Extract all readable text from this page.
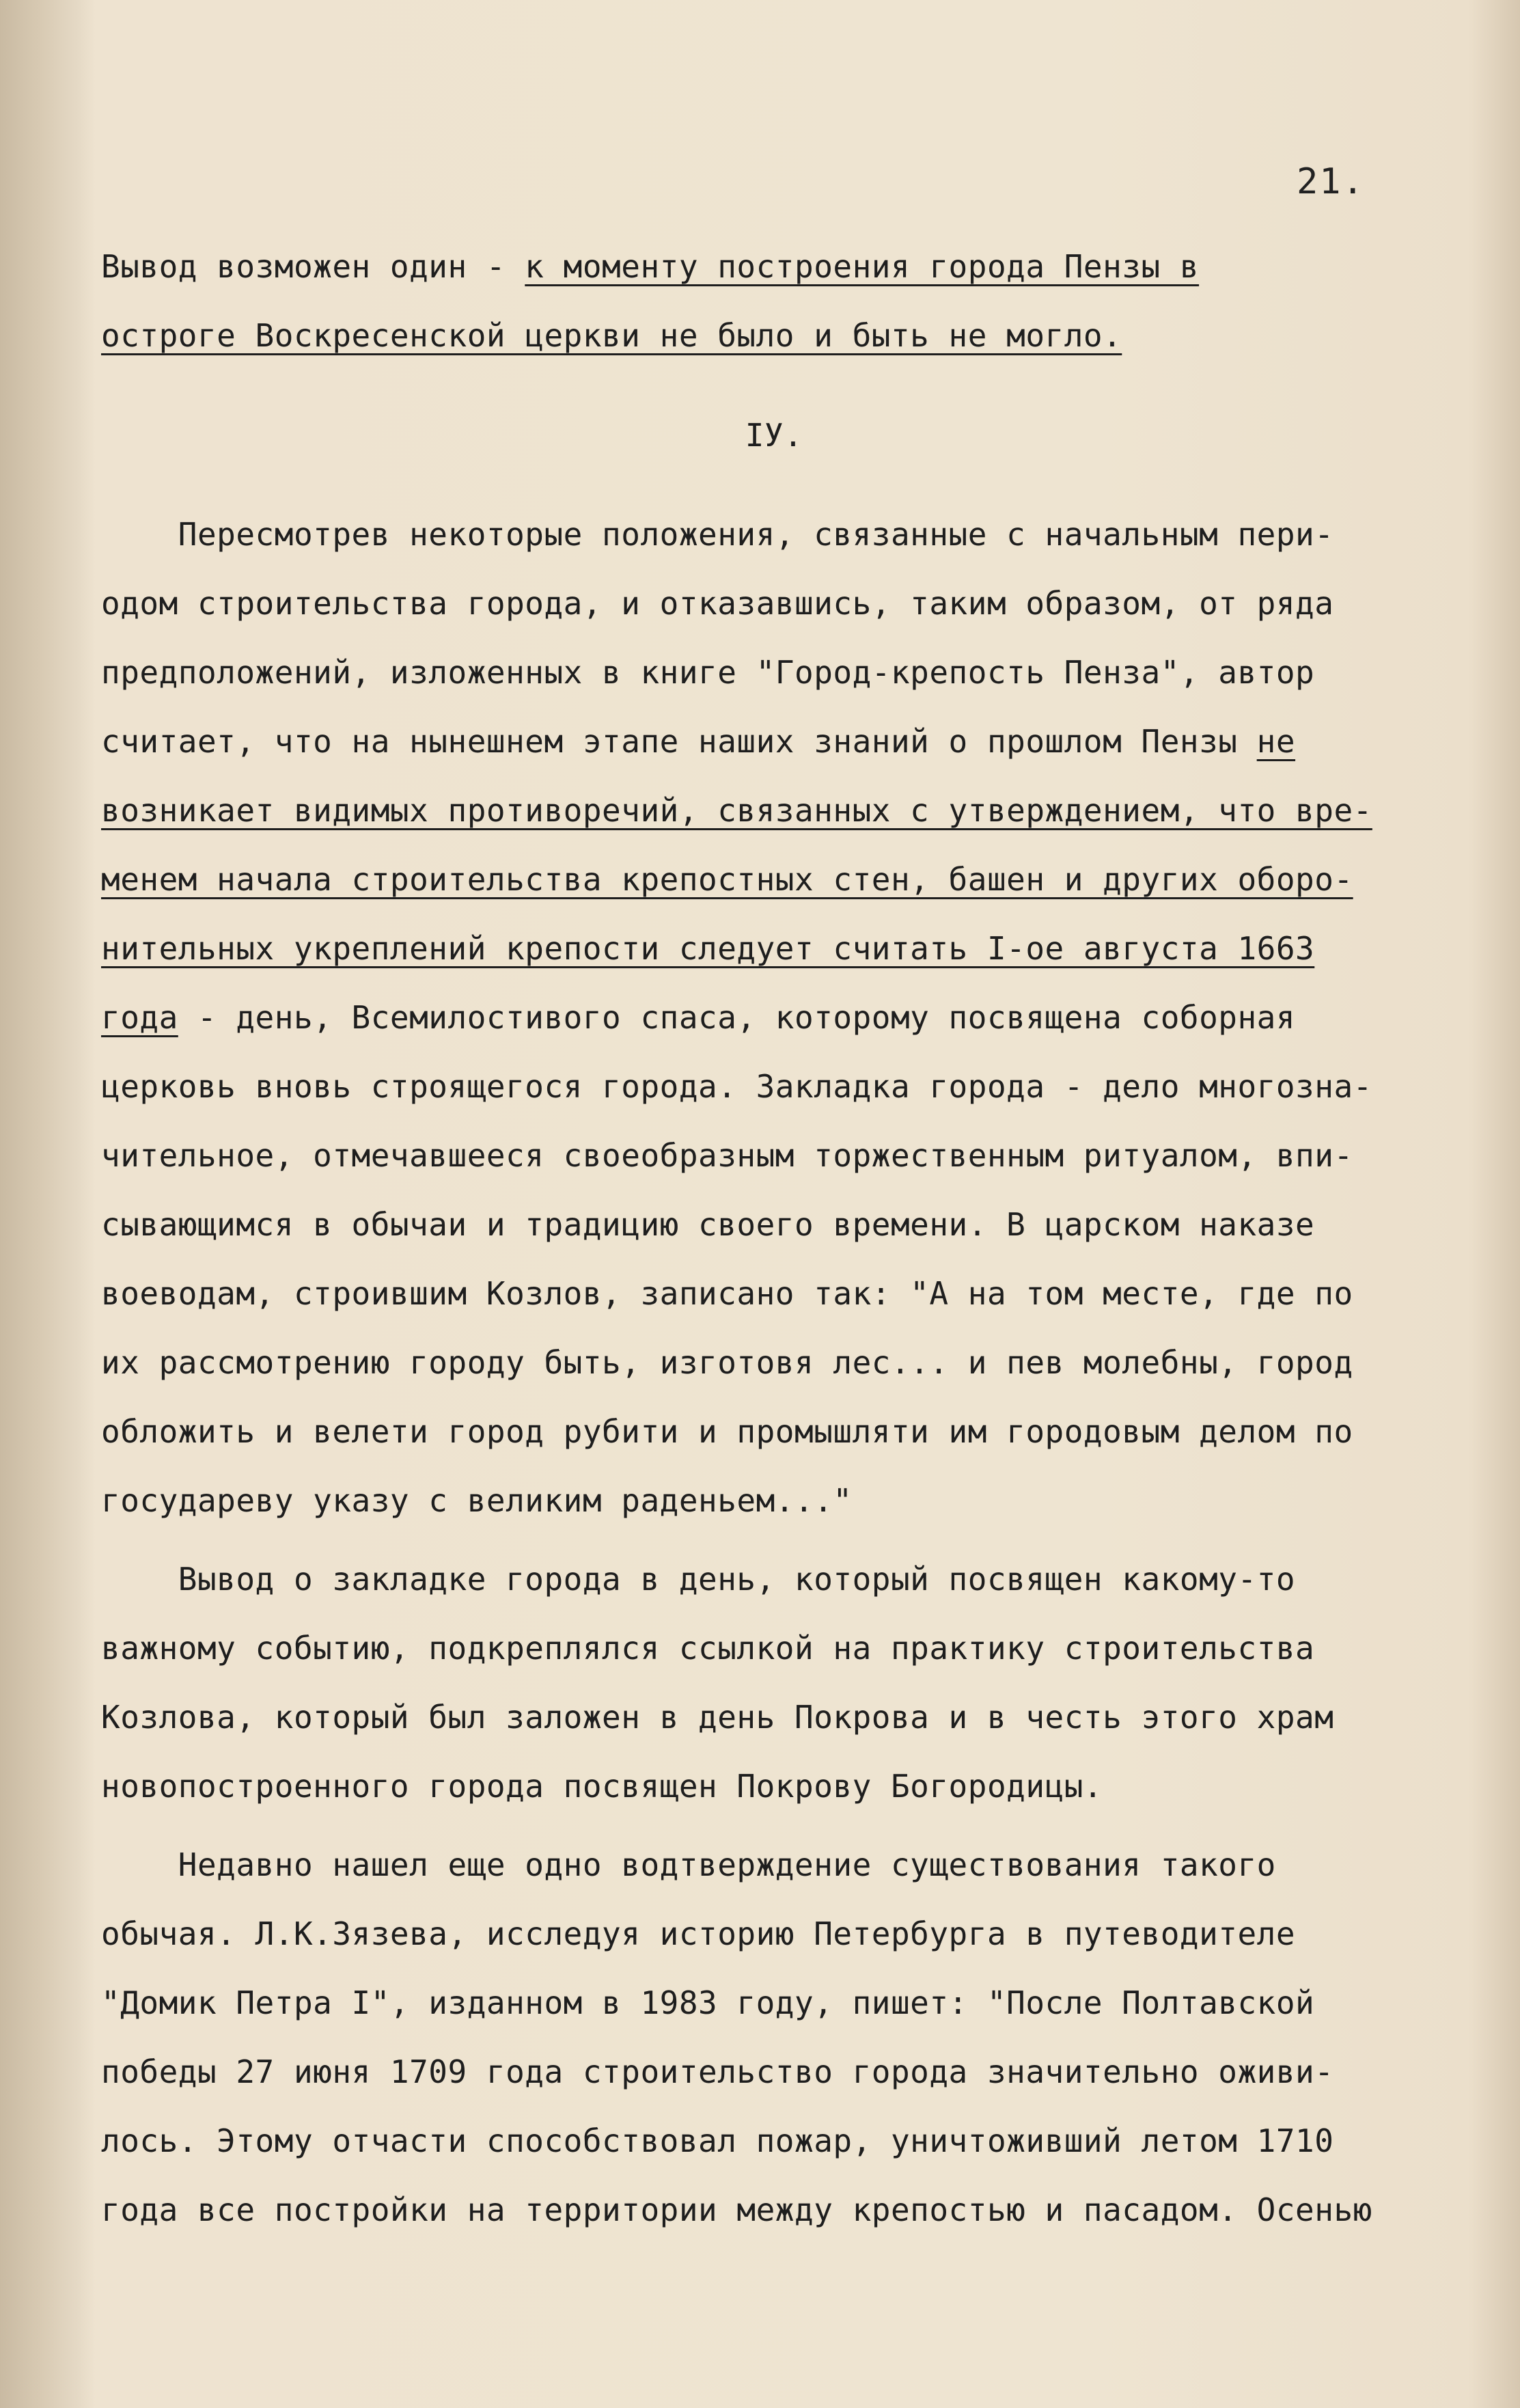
21.
Вывод возможен один - к моменту построения города Пензы в
остроге Воскресенской церкви не было и быть не могло.
IУ.
Пересмотрев некоторые положения, связанные с начальным пери-
одом строительства города, и отказавшись, таким образом, от ряда
предположений, изложенных в книге "Город-крепость Пенза", автор
считает, что на нынешнем этапе наших знаний о прошлом Пензы не
возникает видимых противоречий, связанных с утверждением, что вре-
менем начала строительства крепостных стен, башен и других оборо-
нительных укреплений крепости следует считать I-ое августа 1663
года - день, Всемилостивого спаса, которому посвящена соборная
церковь вновь строящегося города. Закладка города - дело многозна-
чительное, отмечавшееся своеобразным торжественным ритуалом, впи-
сывающимся в обычаи и традицию своего времени. В царском наказе
воеводам, строившим Козлов, записано так: "А на том месте, где по
их рассмотрению городу быть, изготовя лес... и пев молебны, город
обложить и велети город рубити и промышляти им городовым делом по
государеву указу с великим раденьем..."
Вывод о закладке города в день, который посвящен какому-то
важному событию, подкреплялся ссылкой на практику строительства
Козлова, который был заложен в день Покрова и в честь этого храм
новопостроенного города посвящен Покрову Богородицы.
Недавно нашел еще одно водтверждение существования такого
обычая. Л.К.Зязева, исследуя историю Петербурга в путеводителе
"Домик Петра I", изданном в 1983 году, пишет: "После Полтавской
победы 27 июня 1709 года строительство города значительно оживи-
лось. Этому отчасти способствовал пожар, уничтоживший летом 1710
года все постройки на территории между крепостью и пасадом. Осенью
